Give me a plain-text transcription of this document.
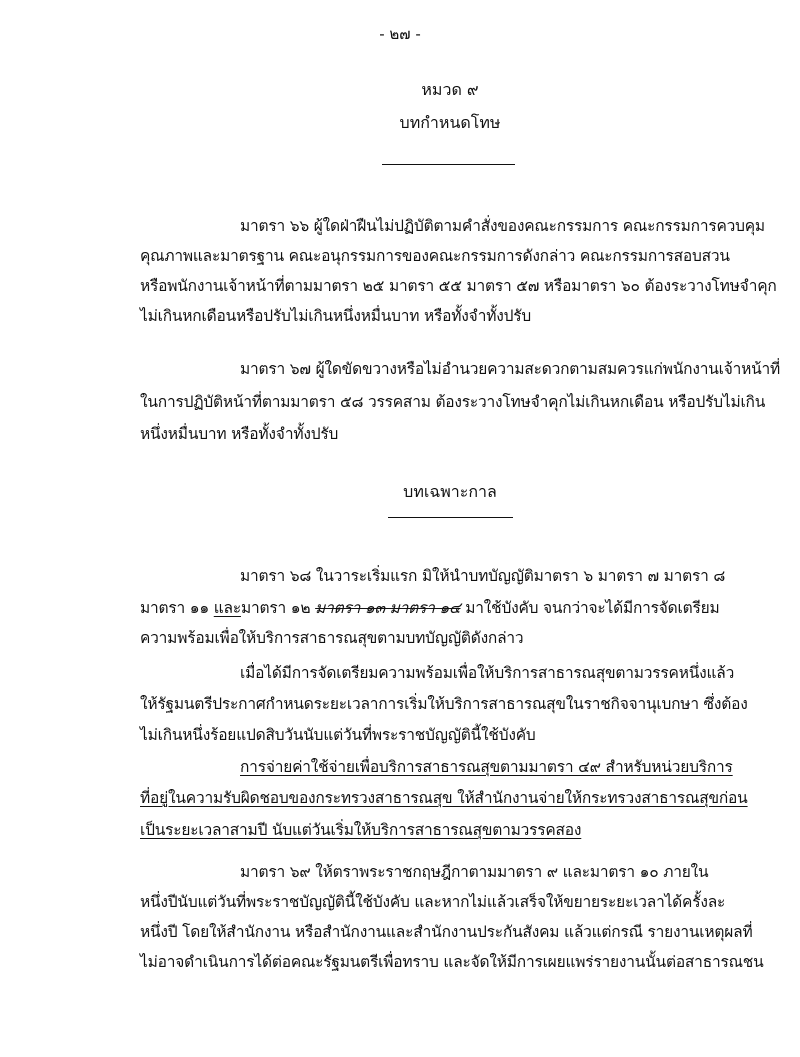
- ๒๗ -
หมวด ๙
บทกำหนดโทษ
มาตรา ๖๖ ผู้ใดฝ่าฝืนไม่ปฏิบัติตามคำสั่งของคณะกรรมการ คณะกรรมการควบคุม
คุณภาพและมาตรฐาน คณะอนุกรรมการของคณะกรรมการดังกล่าว คณะกรรมการสอบสวน
หรือพนักงานเจ้าหน้าที่ตามมาตรา ๒๕ มาตรา ๕๕ มาตรา ๕๗ หรือมาตรา ๖๐ ต้องระวางโทษจำคุก
ไม่เกินหกเดือนหรือปรับไม่เกินหนึ่งหมื่นบาท หรือทั้งจำทั้งปรับ
มาตรา ๖๗ ผู้ใดขัดขวางหรือไม่อำนวยความสะดวกตามสมควรแก่พนักงานเจ้าหน้าที่
ในการปฏิบัติหน้าที่ตามมาตรา ๕๘ วรรคสาม ต้องระวางโทษจำคุกไม่เกินหกเดือน หรือปรับไม่เกิน
หนึ่งหมื่นบาท หรือทั้งจำทั้งปรับ
บทเฉพาะกาล
มาตรา ๖๘ ในวาระเริ่มแรก มิให้นำบทบัญญัติมาตรา ๖ มาตรา ๗ มาตรา ๘
มาตรา ๑๑ และมาตรา ๑๒ มาตรา ๑๓ มาตรา ๑๔ มาใช้บังคับ จนกว่าจะได้มีการจัดเตรียม
ความพร้อมเพื่อให้บริการสาธารณสุขตามบทบัญญัติดังกล่าว
เมื่อได้มีการจัดเตรียมความพร้อมเพื่อให้บริการสาธารณสุขตามวรรคหนึ่งแล้ว
ให้รัฐมนตรีประกาศกำหนดระยะเวลาการเริ่มให้บริการสาธารณสุขในราชกิจจานุเบกษา ซึ่งต้อง
ไม่เกินหนึ่งร้อยแปดสิบวันนับแต่วันที่พระราชบัญญัตินี้ใช้บังคับ
การจ่ายค่าใช้จ่ายเพื่อบริการสาธารณสุขตามมาตรา ๔๙ สำหรับหน่วยบริการ
ที่อยู่ในความรับผิดชอบของกระทรวงสาธารณสุข ให้สำนักงานจ่ายให้กระทรวงสาธารณสุขก่อน
เป็นระยะเวลาสามปี นับแต่วันเริ่มให้บริการสาธารณสุขตามวรรคสอง
มาตรา ๖๙ ให้ตราพระราชกฤษฎีกาตามมาตรา ๙ และมาตรา ๑๐ ภายใน
หนึ่งปีนับแต่วันที่พระราชบัญญัตินี้ใช้บังคับ และหากไม่แล้วเสร็จให้ขยายระยะเวลาได้ครั้งละ
หนึ่งปี โดยให้สำนักงาน หรือสำนักงานและสำนักงานประกันสังคม แล้วแต่กรณี รายงานเหตุผลที่
ไม่อาจดำเนินการได้ต่อคณะรัฐมนตรีเพื่อทราบ และจัดให้มีการเผยแพร่รายงานนั้นต่อสาธารณชน
